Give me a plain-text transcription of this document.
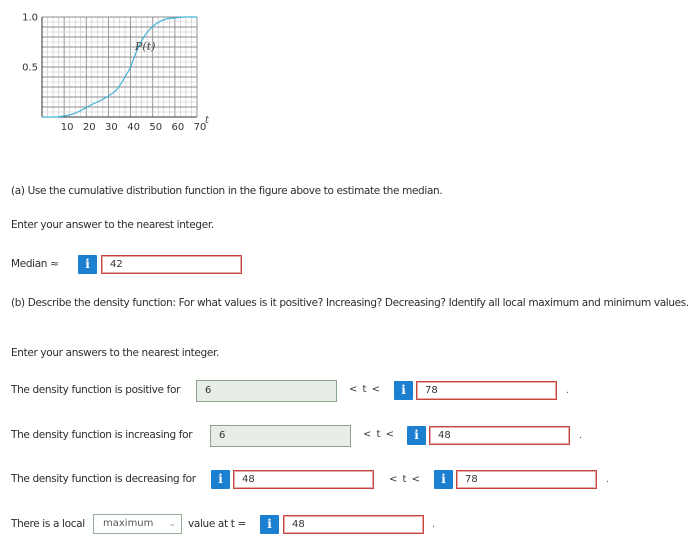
1.0
0.5
10 20 30 40 50 60 70
P(t)
t
(a) Use the cumulative distribution function in the figure above to estimate the median.
Enter your answer to the nearest integer.
Median ≈	i	42
(b) Describe the density function: For what values is it positive? Increasing? Decreasing? Identify all local maximum and minimum values.
Enter your answers to the nearest integer.
The density function is positive for	6	< t <	i	78	.
The density function is increasing for	6	< t <	i	48	.
The density function is decreasing for	i	48	< t <	i	78	.
There is a local	maximum ⌄ value at t =	i	48	.
